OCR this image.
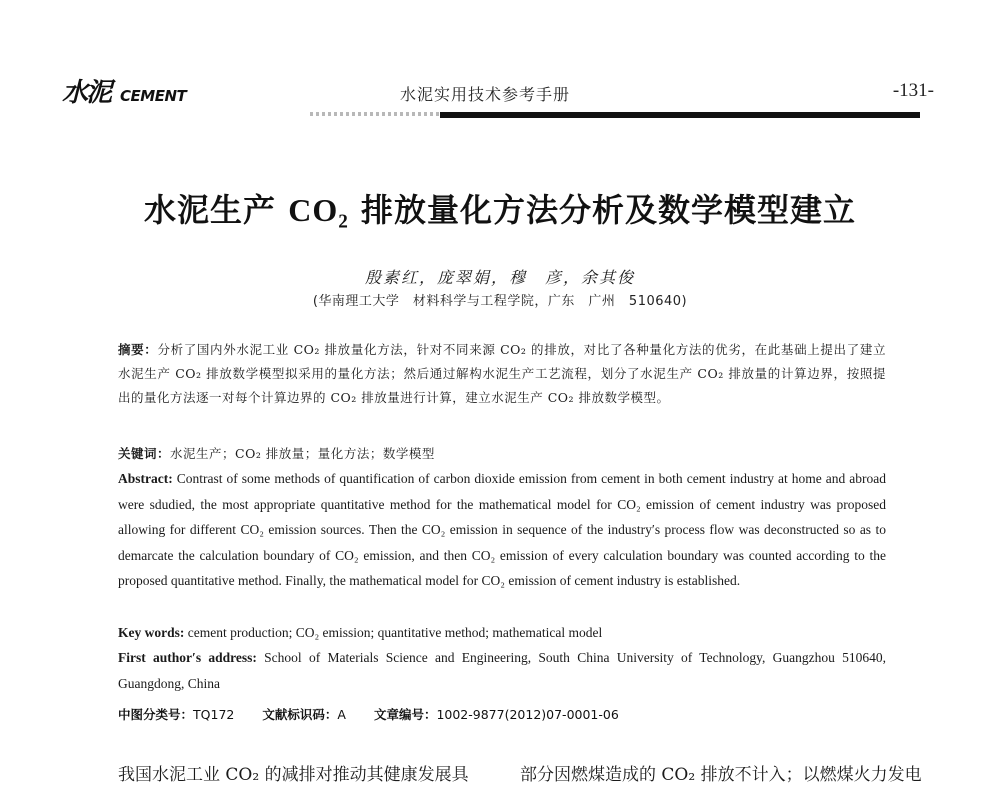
水泥 CEMENT	水泥实用技术参考手册	-131-
水泥生产 CO₂ 排放量化方法分析及数学模型建立
殷素红，庞翠娟，穆　彦，余其俊
(华南理工大学　材料科学与工程学院，广东　广州　510640)
摘要：分析了国内外水泥工业 CO₂ 排放量化方法，针对不同来源 CO₂ 的排放，对比了各种量化方法的优劣，在此基础上提出了建立水泥生产 CO₂ 排放数学模型拟采用的量化方法；然后通过解构水泥生产工艺流程，划分了水泥生产 CO₂ 排放量的计算边界，按照提出的量化方法逐一对每个计算边界的 CO₂ 排放量进行计算，建立水泥生产 CO₂ 排放数学模型。
关键词：水泥生产；CO₂ 排放量；量化方法；数学模型
Abstract: Contrast of some methods of quantification of carbon dioxide emission from cement in both cement industry at home and abroad were sdudied, the most appropriate quantitative method for the mathematical model for CO₂ emission of cement industry was proposed allowing for different CO₂ emission sources. Then the CO₂ emission in sequence of the industry′s process flow was deconstructed so as to demarcate the calculation boundary of CO₂ emission, and then CO₂ emission of every calculation boundary was counted according to the proposed quantitative method. Finally, the mathematical model for CO₂ emission of cement industry is established.
Key words: cement production; CO₂ emission; quantitative method; mathematical model
First author′s address: School of Materials Science and Engineering, South China University of Technology, Guangzhou 510640, Guangdong, China
中图分类号：TQ172 文献标识码：A 文章编号：1002-9877(2012)07-0001-06
我国水泥工业 CO₂ 的减排对推动其健康发展具	部分因燃煤造成的 CO₂ 排放不计入；以燃煤火力发电
